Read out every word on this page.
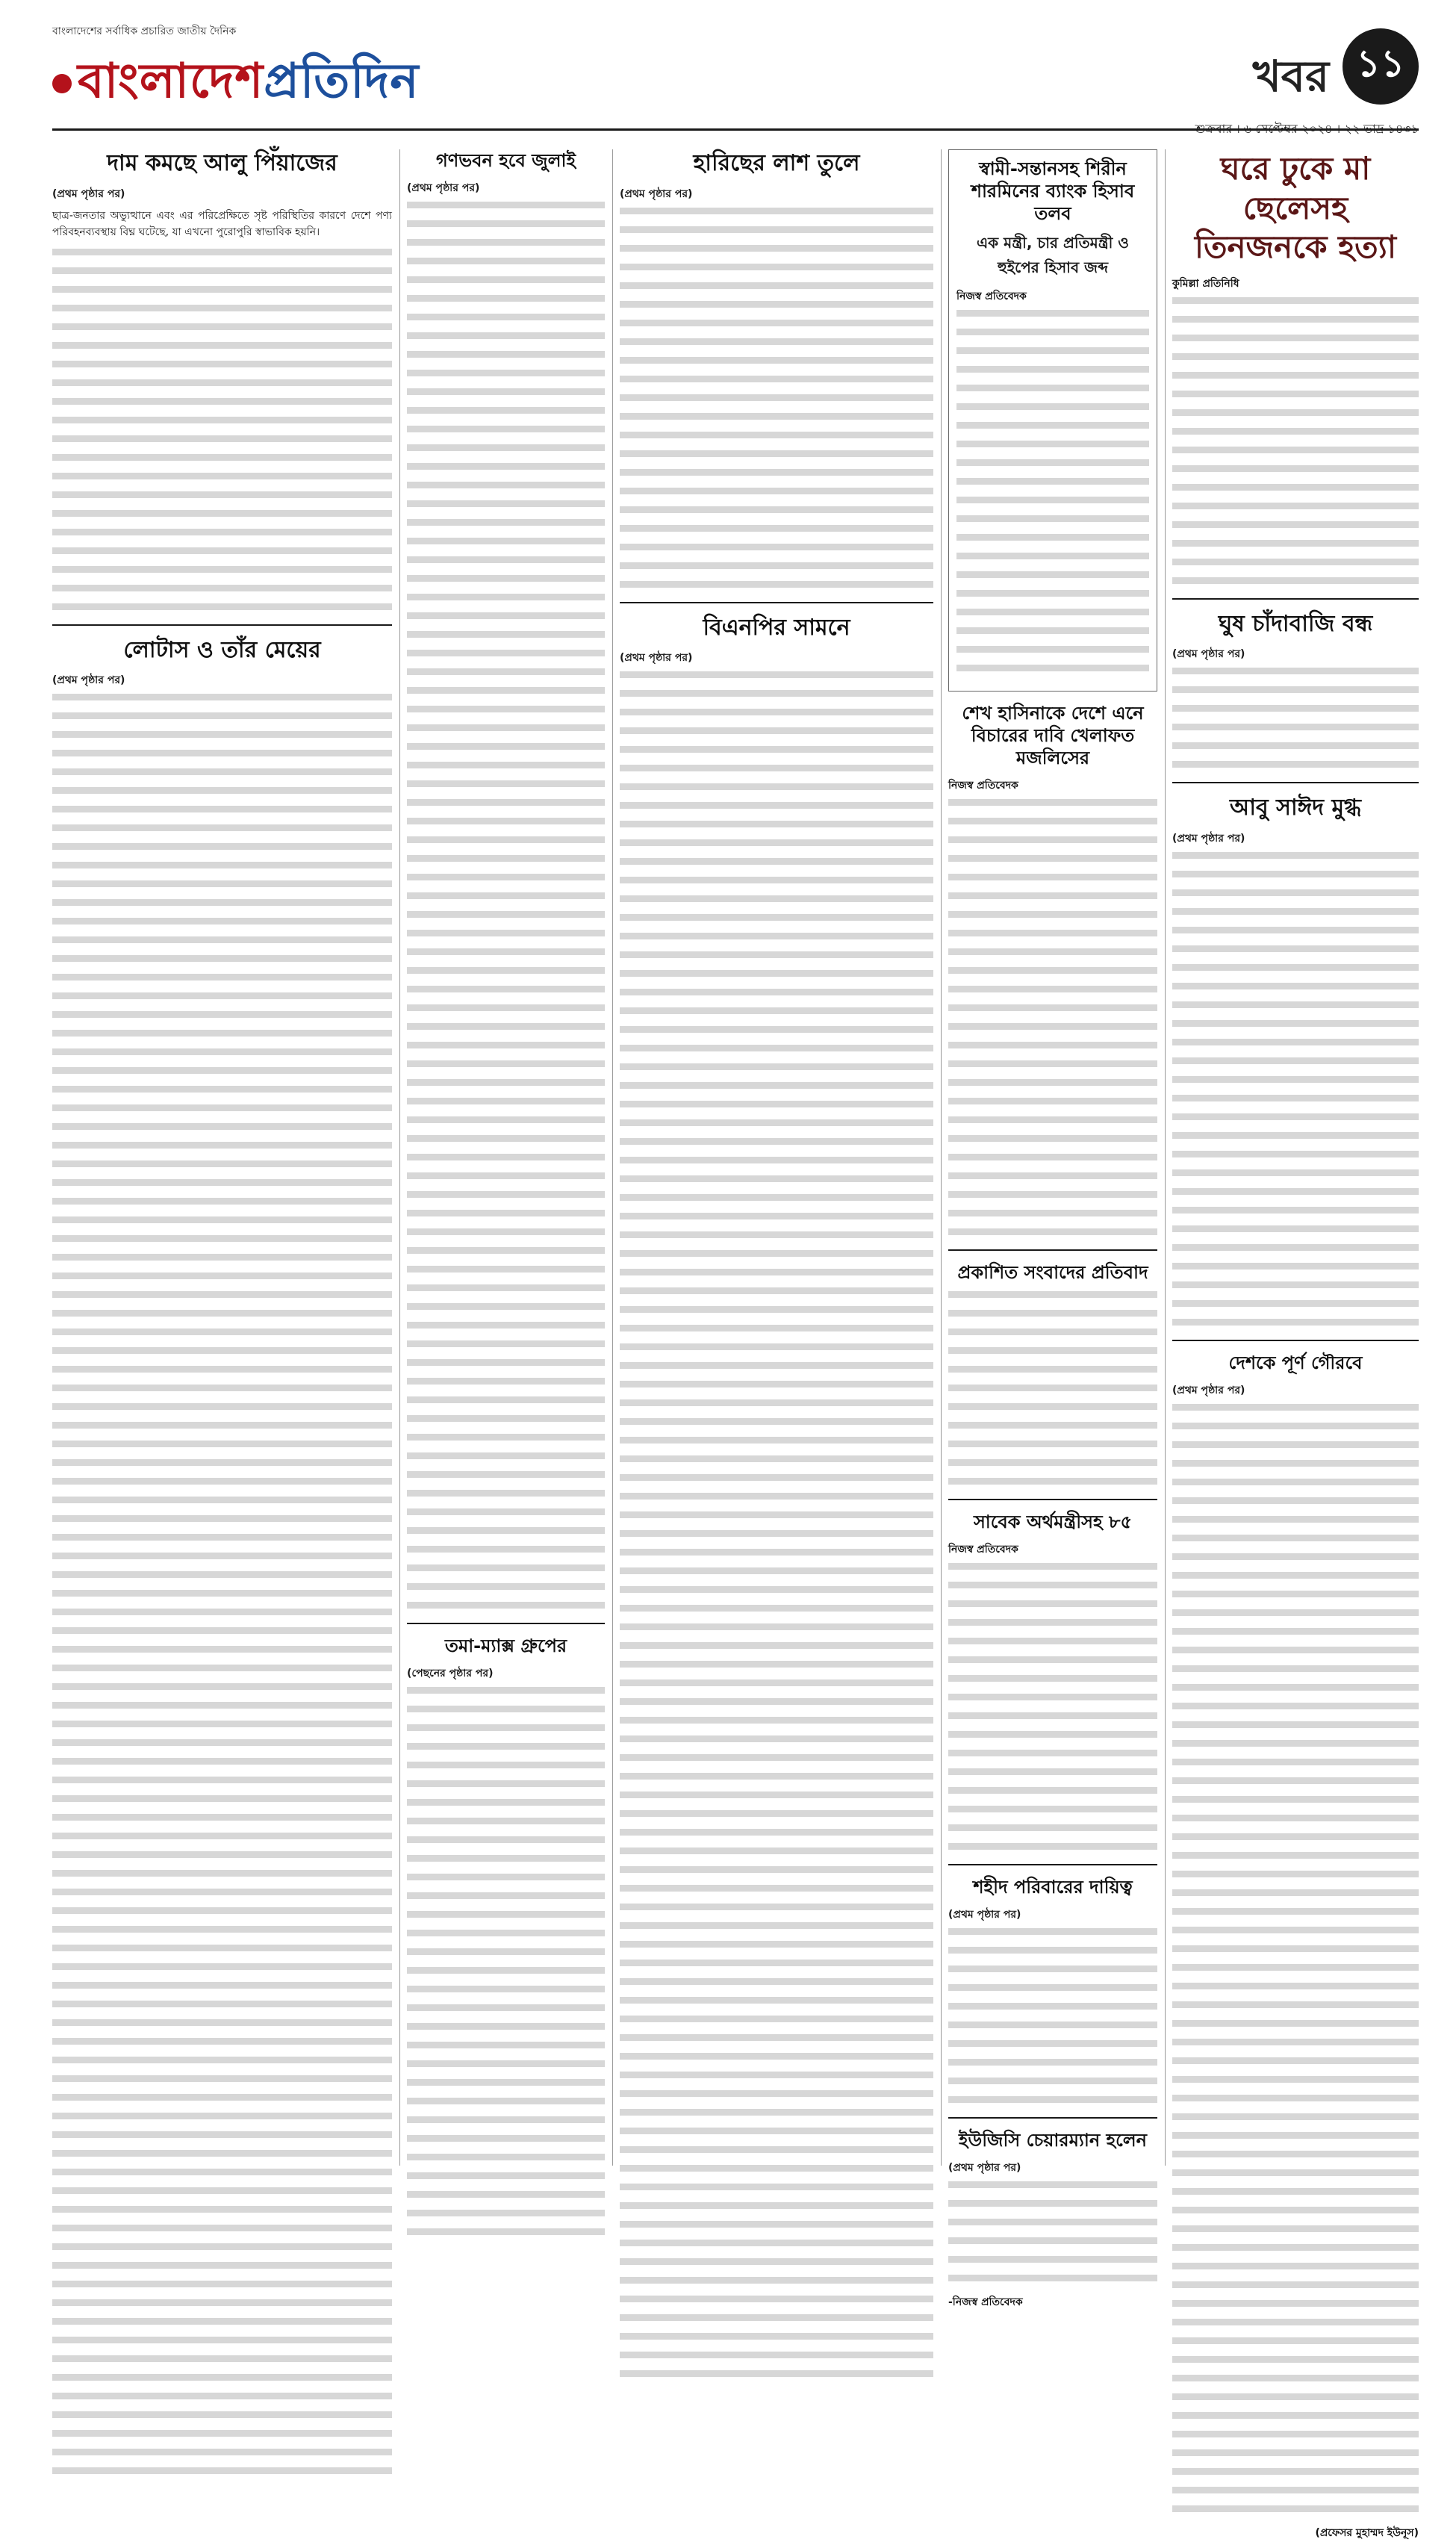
বাংলাদেশের সর্বাধিক প্রচারিত জাতীয় দৈনিক
বাংলাদেশপ্রতিদিন	খবর ১১
দাম কমছে আলু পিঁয়াজের
(প্রথম পৃষ্ঠার পর)

ছাত্র-জনতার অভ্যুত্থানে এবং এর পরিপ্রেক্ষিতে সৃষ্ট পরিস্থিতির কারণে দেশে পণ্য পরিবহনব্যবস্থায় বিঘ্ন ঘটেছে, যা এখনো পুরোপুরি স্বাভাবিক হয়নি।

লোটাস ও তাঁর মেয়ের
(প্রথম পৃষ্ঠার পর)
গণভবন হবে জুলাই
(প্রথম পৃষ্ঠার পর)
তমা-ম্যাক্স গ্রুপের
(পেছনের পৃষ্ঠার পর)
হারিছের লাশ তুলে
(প্রথম পৃষ্ঠার পর)
বিএনপির সামনে
(প্রথম পৃষ্ঠার পর)
স্বামী-সন্তানসহ শিরীন শারমিনের ব্যাংক হিসাব তলব
এক মন্ত্রী, চার প্রতিমন্ত্রী ও হুইপের হিসাব জব্দ
নিজস্ব প্রতিবেদক
শেখ হাসিনাকে দেশে এনে বিচারের দাবি খেলাফত মজলিসের
নিজস্ব প্রতিবেদক
প্রকাশিত সংবাদের প্রতিবাদ
সাবেক অর্থমন্ত্রীসহ ৮৫
নিজস্ব প্রতিবেদক
শহীদ পরিবারের দায়িত্ব
(প্রথম পৃষ্ঠার পর)
ইউজিসি চেয়ারম্যান হলেন
(প্রথম পৃষ্ঠার পর)
-নিজস্ব প্রতিবেদক
ঘরে ঢুকে মা ছেলেসহ তিনজনকে হত্যা
কুমিল্লা প্রতিনিধি
ঘুষ চাঁদাবাজি বন্ধ
(প্রথম পৃষ্ঠার পর)
আবু সাঈদ মুগ্ধ
(প্রথম পৃষ্ঠার পর)
দেশকে পূর্ণ গৌরবে
(প্রথম পৃষ্ঠার পর)
(প্রফেসর মুহাম্মদ ইউনূস)
